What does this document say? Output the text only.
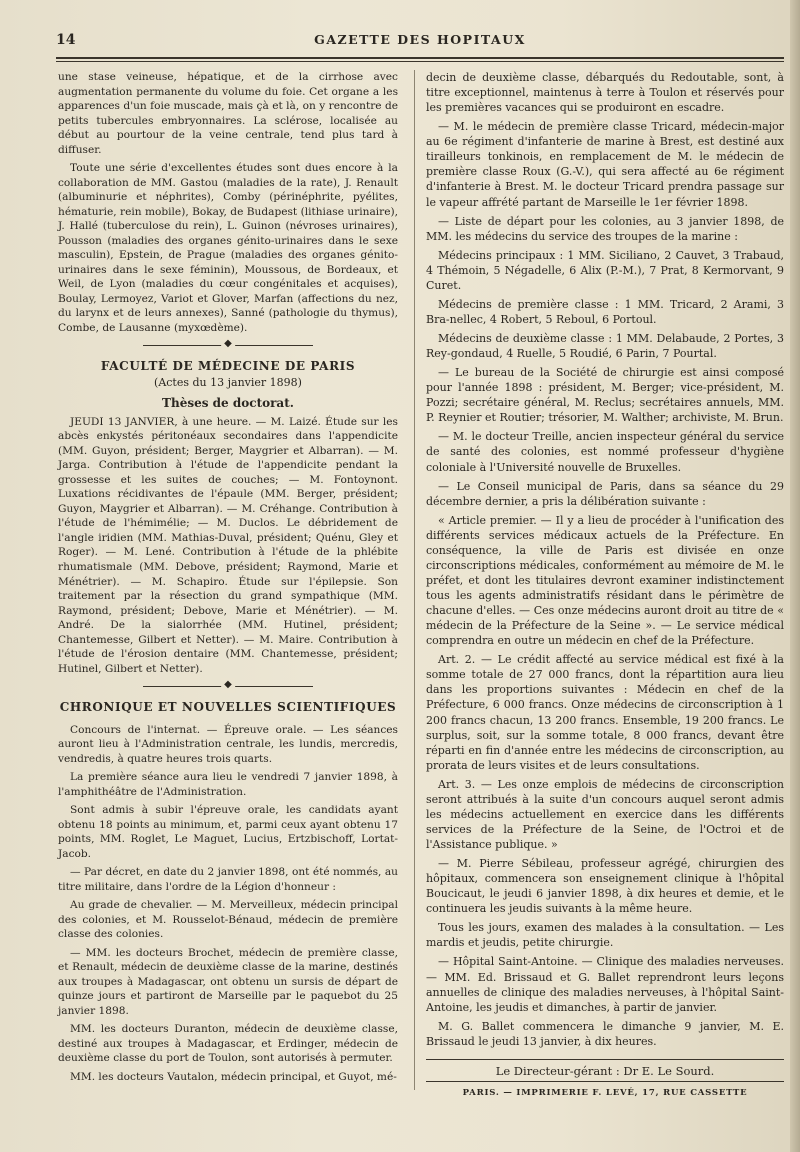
14	GAZETTE DES HOPITAUX

une stase veineuse, hépatique, et de la cirrhose avec augmentation permanente du volume du foie. Cet organe a les apparences d'un foie muscade, mais çà et là, on y rencontre de petits tubercules embryonnaires. La sclérose, localisée au début au pourtour de la veine centrale, tend plus tard à diffuser.

Toute une série d'excellentes études sont dues encore à la collaboration de MM. Gastou (maladies de la rate), J. Renault (albuminurie et néphrites), Comby (périnéphrite, pyélites, hématurie, rein mobile), Bokay, de Budapest (lithiase urinaire), J. Hallé (tuberculose du rein), L. Guinon (névroses urinaires), Pousson (maladies des organes génito-urinaires dans le sexe masculin), Epstein, de Prague (maladies des organes génito-urinaires dans le sexe féminin), Moussous, de Bordeaux, et Weil, de Lyon (maladies du cœur congénitales et acquises), Boulay, Lermoyez, Variot et Glover, Marfan (affections du nez, du larynx et de leurs annexes), Sanné (pathologie du thymus), Combe, de Lausanne (myxœdème).

◆
FACULTÉ DE MÉDECINE DE PARIS
(Actes du 13 janvier 1898)
Thèses de doctorat.

JEUDI 13 JANVIER, à une heure. — M. Laizé. Étude sur les abcès enkystés péritonéaux secondaires dans l'appendicite (MM. Guyon, président; Berger, Maygrier et Albarran). — M. Jarga. Contribution à l'étude de l'appendicite pendant la grossesse et les suites de couches; — M. Fontoynont. Luxations récidivantes de l'épaule (MM. Berger, président; Guyon, Maygrier et Albarran). — M. Créhange. Contribution à l'étude de l'hémimélie; — M. Duclos. Le débridement de l'angle iridien (MM. Mathias-Duval, président; Quénu, Gley et Roger). — M. Lené. Contribution à l'étude de la phlébite rhumatismale (MM. Debove, président; Raymond, Marie et Ménétrier). — M. Schapiro. Étude sur l'épilepsie. Son traitement par la résection du grand sympathique (MM. Raymond, président; Debove, Marie et Ménétrier). — M. André. De la sialorrhée (MM. Hutinel, président; Chantemesse, Gilbert et Netter). — M. Maire. Contribution à l'étude de l'érosion dentaire (MM. Chantemesse, président; Hutinel, Gilbert et Netter).

◆
CHRONIQUE ET NOUVELLES SCIENTIFIQUES

Concours de l'internat. — Épreuve orale. — Les séances auront lieu à l'Administration centrale, les lundis, mercredis, vendredis, à quatre heures trois quarts.

La première séance aura lieu le vendredi 7 janvier 1898, à l'amphithéâtre de l'Administration.

Sont admis à subir l'épreuve orale, les candidats ayant obtenu 18 points au minimum, et, parmi ceux ayant obtenu 17 points, MM. Roglet, Le Maguet, Lucius, Ertzbischoff, Lortat-Jacob.

— Par décret, en date du 2 janvier 1898, ont été nommés, au titre militaire, dans l'ordre de la Légion d'honneur :

Au grade de chevalier. — M. Merveilleux, médecin principal des colonies, et M. Rousselot-Bénaud, médecin de première classe des colonies.

— MM. les docteurs Brochet, médecin de première classe, et Renault, médecin de deuxième classe de la marine, destinés aux troupes à Madagascar, ont obtenu un sursis de départ de quinze jours et partiront de Marseille par le paquebot du 25 janvier 1898.

MM. les docteurs Duranton, médecin de deuxième classe, destiné aux troupes à Madagascar, et Erdinger, médecin de deuxième classe du port de Toulon, sont autorisés à permuter.

MM. les docteurs Vautalon, médecin principal, et Guyot, mé-

decin de deuxième classe, débarqués du Redoutable, sont, à titre exceptionnel, maintenus à terre à Toulon et réservés pour les premières vacances qui se produiront en escadre.

— M. le médecin de première classe Tricard, médecin-major au 6e régiment d'infanterie de marine à Brest, est destiné aux tirailleurs tonkinois, en remplacement de M. le médecin de première classe Roux (G.-V.), qui sera affecté au 6e régiment d'infanterie à Brest. M. le docteur Tricard prendra passage sur le vapeur affrété partant de Marseille le 1er février 1898.

— Liste de départ pour les colonies, au 3 janvier 1898, de MM. les médecins du service des troupes de la marine :

Médecins principaux : 1 MM. Siciliano, 2 Cauvet, 3 Trabaud, 4 Thémoin, 5 Négadelle, 6 Alix (P.-M.), 7 Prat, 8 Kermorvant, 9 Curet.

Médecins de première classe : 1 MM. Tricard, 2 Arami, 3 Bra-nellec, 4 Robert, 5 Reboul, 6 Portoul.

Médecins de deuxième classe : 1 MM. Delabaude, 2 Portes, 3 Rey-gondaud, 4 Ruelle, 5 Roudié, 6 Parin, 7 Pourtal.

— Le bureau de la Société de chirurgie est ainsi composé pour l'année 1898 : président, M. Berger; vice-président, M. Pozzi; secrétaire général, M. Reclus; secrétaires annuels, MM. P. Reynier et Routier; trésorier, M. Walther; archiviste, M. Brun.

— M. le docteur Treille, ancien inspecteur général du service de santé des colonies, est nommé professeur d'hygiène coloniale à l'Université nouvelle de Bruxelles.

— Le Conseil municipal de Paris, dans sa séance du 29 décembre dernier, a pris la délibération suivante :

« Article premier. — Il y a lieu de procéder à l'unification des différents services médicaux actuels de la Préfecture. En conséquence, la ville de Paris est divisée en onze circonscriptions médicales, conformément au mémoire de M. le préfet, et dont les titulaires devront examiner indistinctement tous les agents administratifs résidant dans le périmètre de chacune d'elles. — Ces onze médecins auront droit au titre de « médecin de la Préfecture de la Seine ». — Le service médical comprendra en outre un médecin en chef de la Préfecture.

Art. 2. — Le crédit affecté au service médical est fixé à la somme totale de 27 000 francs, dont la répartition aura lieu dans les proportions suivantes : Médecin en chef de la Préfecture, 6 000 francs. Onze médecins de circonscription à 1 200 francs chacun, 13 200 francs. Ensemble, 19 200 francs. Le surplus, soit, sur la somme totale, 8 000 francs, devant être réparti en fin d'année entre les médecins de circonscription, au prorata de leurs visites et de leurs consultations.

Art. 3. — Les onze emplois de médecins de circonscription seront attribués à la suite d'un concours auquel seront admis les médecins actuellement en exercice dans les différents services de la Préfecture de la Seine, de l'Octroi et de l'Assistance publique. »

— M. Pierre Sébileau, professeur agrégé, chirurgien des hôpitaux, commencera son enseignement clinique à l'hôpital Boucicaut, le jeudi 6 janvier 1898, à dix heures et demie, et le continuera les jeudis suivants à la même heure.

Tous les jours, examen des malades à la consultation. — Les mardis et jeudis, petite chirurgie.

— Hôpital Saint-Antoine. — Clinique des maladies nerveuses. — MM. Ed. Brissaud et G. Ballet reprendront leurs leçons annuelles de clinique des maladies nerveuses, à l'hôpital Saint-Antoine, les jeudis et dimanches, à partir de janvier.

M. G. Ballet commencera le dimanche 9 janvier, M. E. Brissaud le jeudi 13 janvier, à dix heures.

Le Directeur-gérant : Dr E. Le Sourd.
PARIS. — IMPRIMERIE F. LEVÉ, 17, RUE CASSETTE
